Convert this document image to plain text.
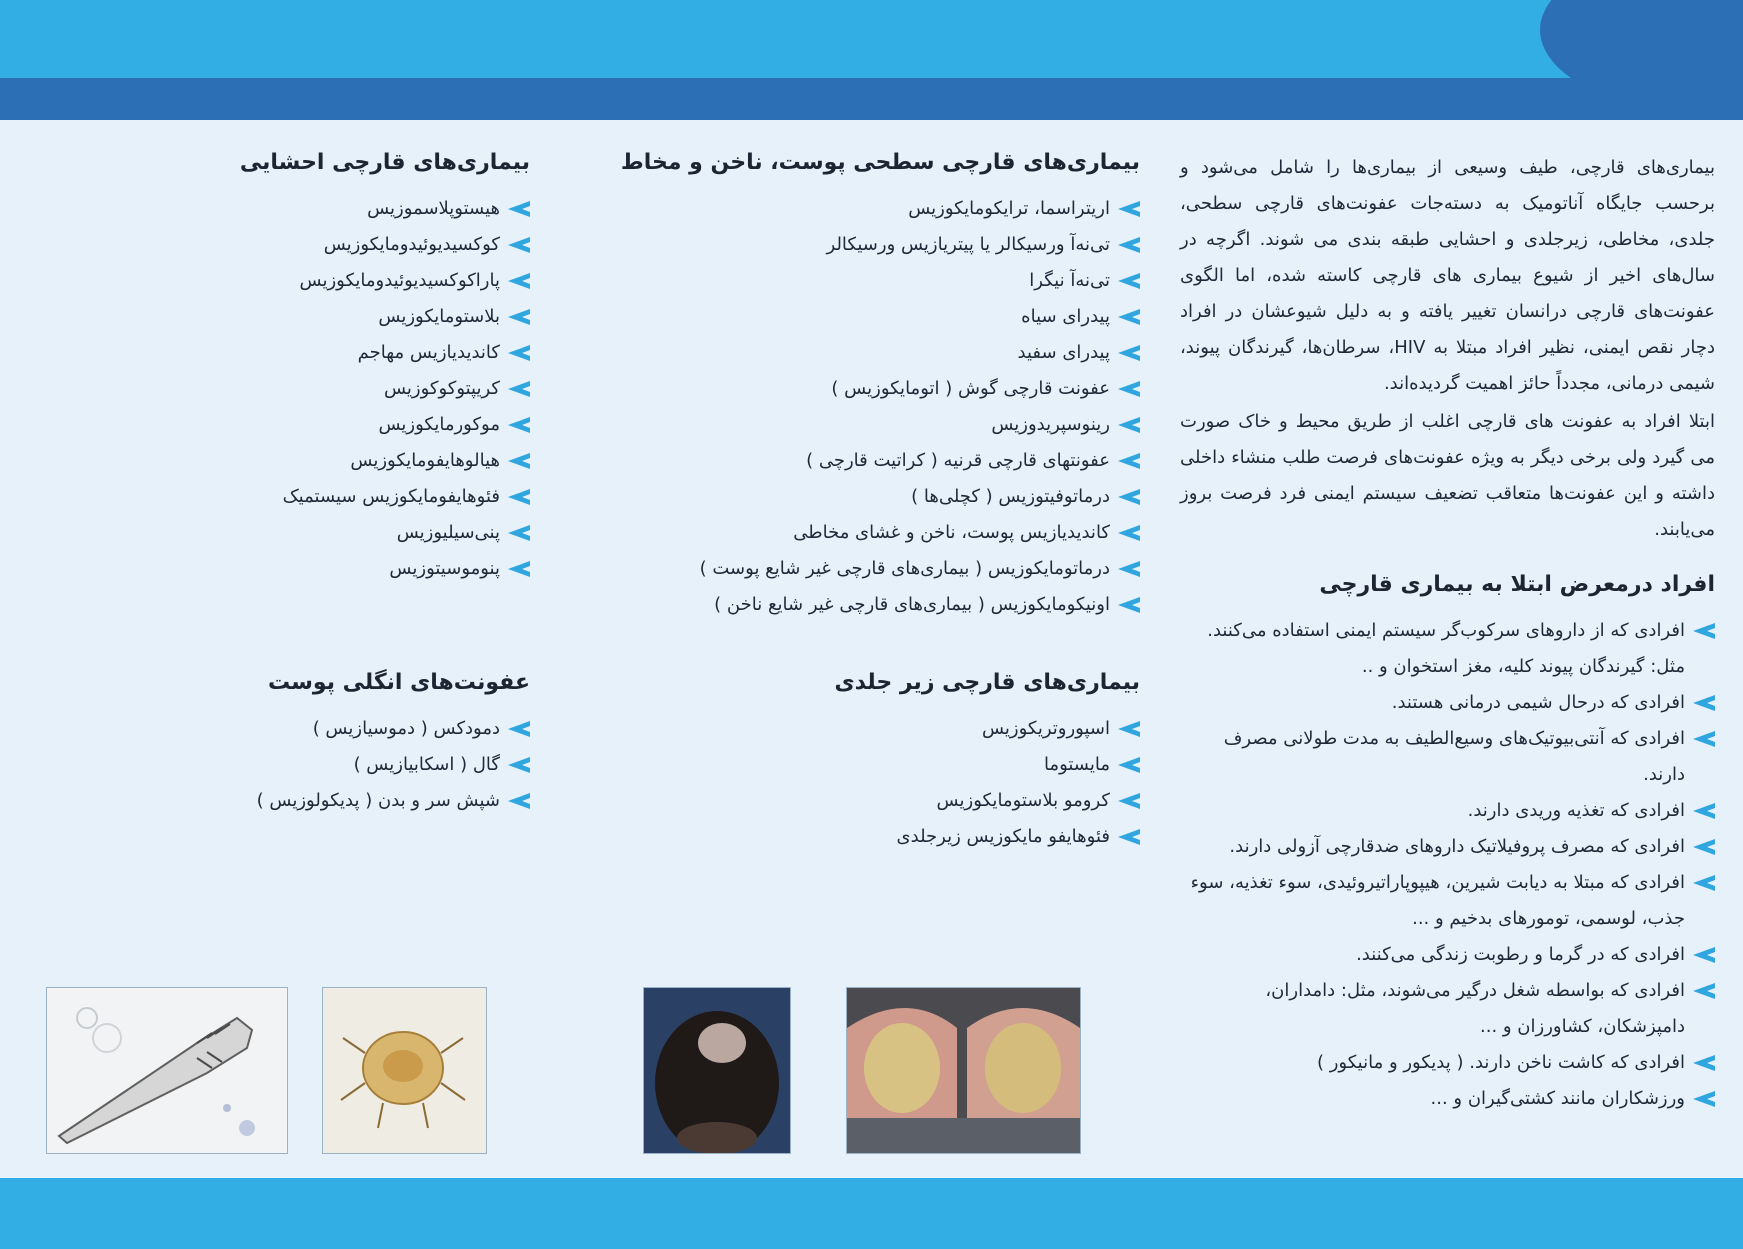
بیماری‌های قارچی، طیف وسیعی از بیماری‌ها را شامل می‌شود و برحسب جایگاه آناتومیک به دسته‌جات عفونت‌های قارچی سطحی، جلدی، مخاطی، زیرجلدی و احشایی طبقه بندی می شوند. اگرچه در سال‌های اخیر از شیوع بیماری های قارچی کاسته شده، اما الگوی عفونت‌های قارچی درانسان تغییر یافته و به دلیل شیوعشان در افراد دچار نقص ایمنی، نظیر افراد مبتلا به HIV، سرطان‌ها، گیرندگان پیوند، شیمی درمانی، مجدداً حائز اهمیت گردیده‌اند.

ابتلا افراد به عفونت های قارچی اغلب از طریق محیط و خاک صورت می گیرد ولی برخی دیگر به ویژه عفونت‌های فرصت طلب منشاء داخلی داشته و این عفونت‌ها متعاقب تضعیف سیستم ایمنی فرد فرصت بروز می‌یابند.

افراد درمعرض ابتلا به بیماری قارچی
افرادی که از داروهای سرکوب‌گر سیستم ایمنی استفاده می‌کنند. مثل: گیرندگان پیوند کلیه، مغز استخوان و ..
افرادی که درحال شیمی درمانی هستند.
افرادی که آنتی‌بیوتیک‌های وسیع‌الطیف به مدت طولانی مصرف دارند.
افرادی که تغذیه وریدی دارند.
افرادی که مصرف پروفیلاتیک داروهای ضدقارچی آزولی دارند.
افرادی که مبتلا به دیابت شیرین، هیپوپاراتیروئیدی، سوء تغذیه، سوء جذب، لوسمی، تومورهای بدخیم و ...
افرادی که در گرما و رطوبت زندگی می‌کنند.
افرادی که بواسطه شغل درگیر می‌شوند، مثل: دامداران، دامپزشکان، کشاورزان و ...
افرادی که کاشت ناخن دارند. ( پدیکور و مانیکور )
ورزشکاران مانند کشتی‌گیران و ...
بیماری‌های قارچی سطحی پوست، ناخن و مخاط
اریتراسما، ترایکومایکوزیس
تی‌نه‌آ ورسیکالر یا پیتریازیس ورسیکالر
تی‌نه‌آ نیگرا
پیدرای سیاه
پیدرای سفید
عفونت قارچی گوش ( اتومایکوزیس )
رینوسپریدوزیس
عفونتهای قارچی قرنیه ( کراتیت قارچی )
درماتوفیتوزیس ( کچلی‌ها )
کاندیدیازیس پوست، ناخن و غشای مخاطی
درماتومایکوزیس ( بیماری‌های قارچی غیر شایع پوست )
اونیکومایکوزیس ( بیماری‌های قارچی غیر شایع ناخن )
بیماری‌های قارچی احشایی
هیستوپلاسموزیس
کوکسیدیوئیدومایکوزیس
پاراکوکسیدیوئیدومایکوزیس
بلاستومایکوزیس
کاندیدیازیس مهاجم
کریپتوکوکوزیس
موکورمایکوزیس
هیالوهایفومایکوزیس
فئوهایفومایکوزیس سیستمیک
پنی‌سیلیوزیس
پنوموسیتوزیس
بیماری‌های قارچی زیر جلدی
اسپوروتریکوزیس
مایستوما
کرومو بلاستومایکوزیس
فئوهایفو مایکوزیس زیرجلدی
عفونت‌های انگلی پوست
دمودکس ( دموسیازیس )
گال ( اسکابیازیس )
شپش سر و بدن ( پدیکولوزیس )
